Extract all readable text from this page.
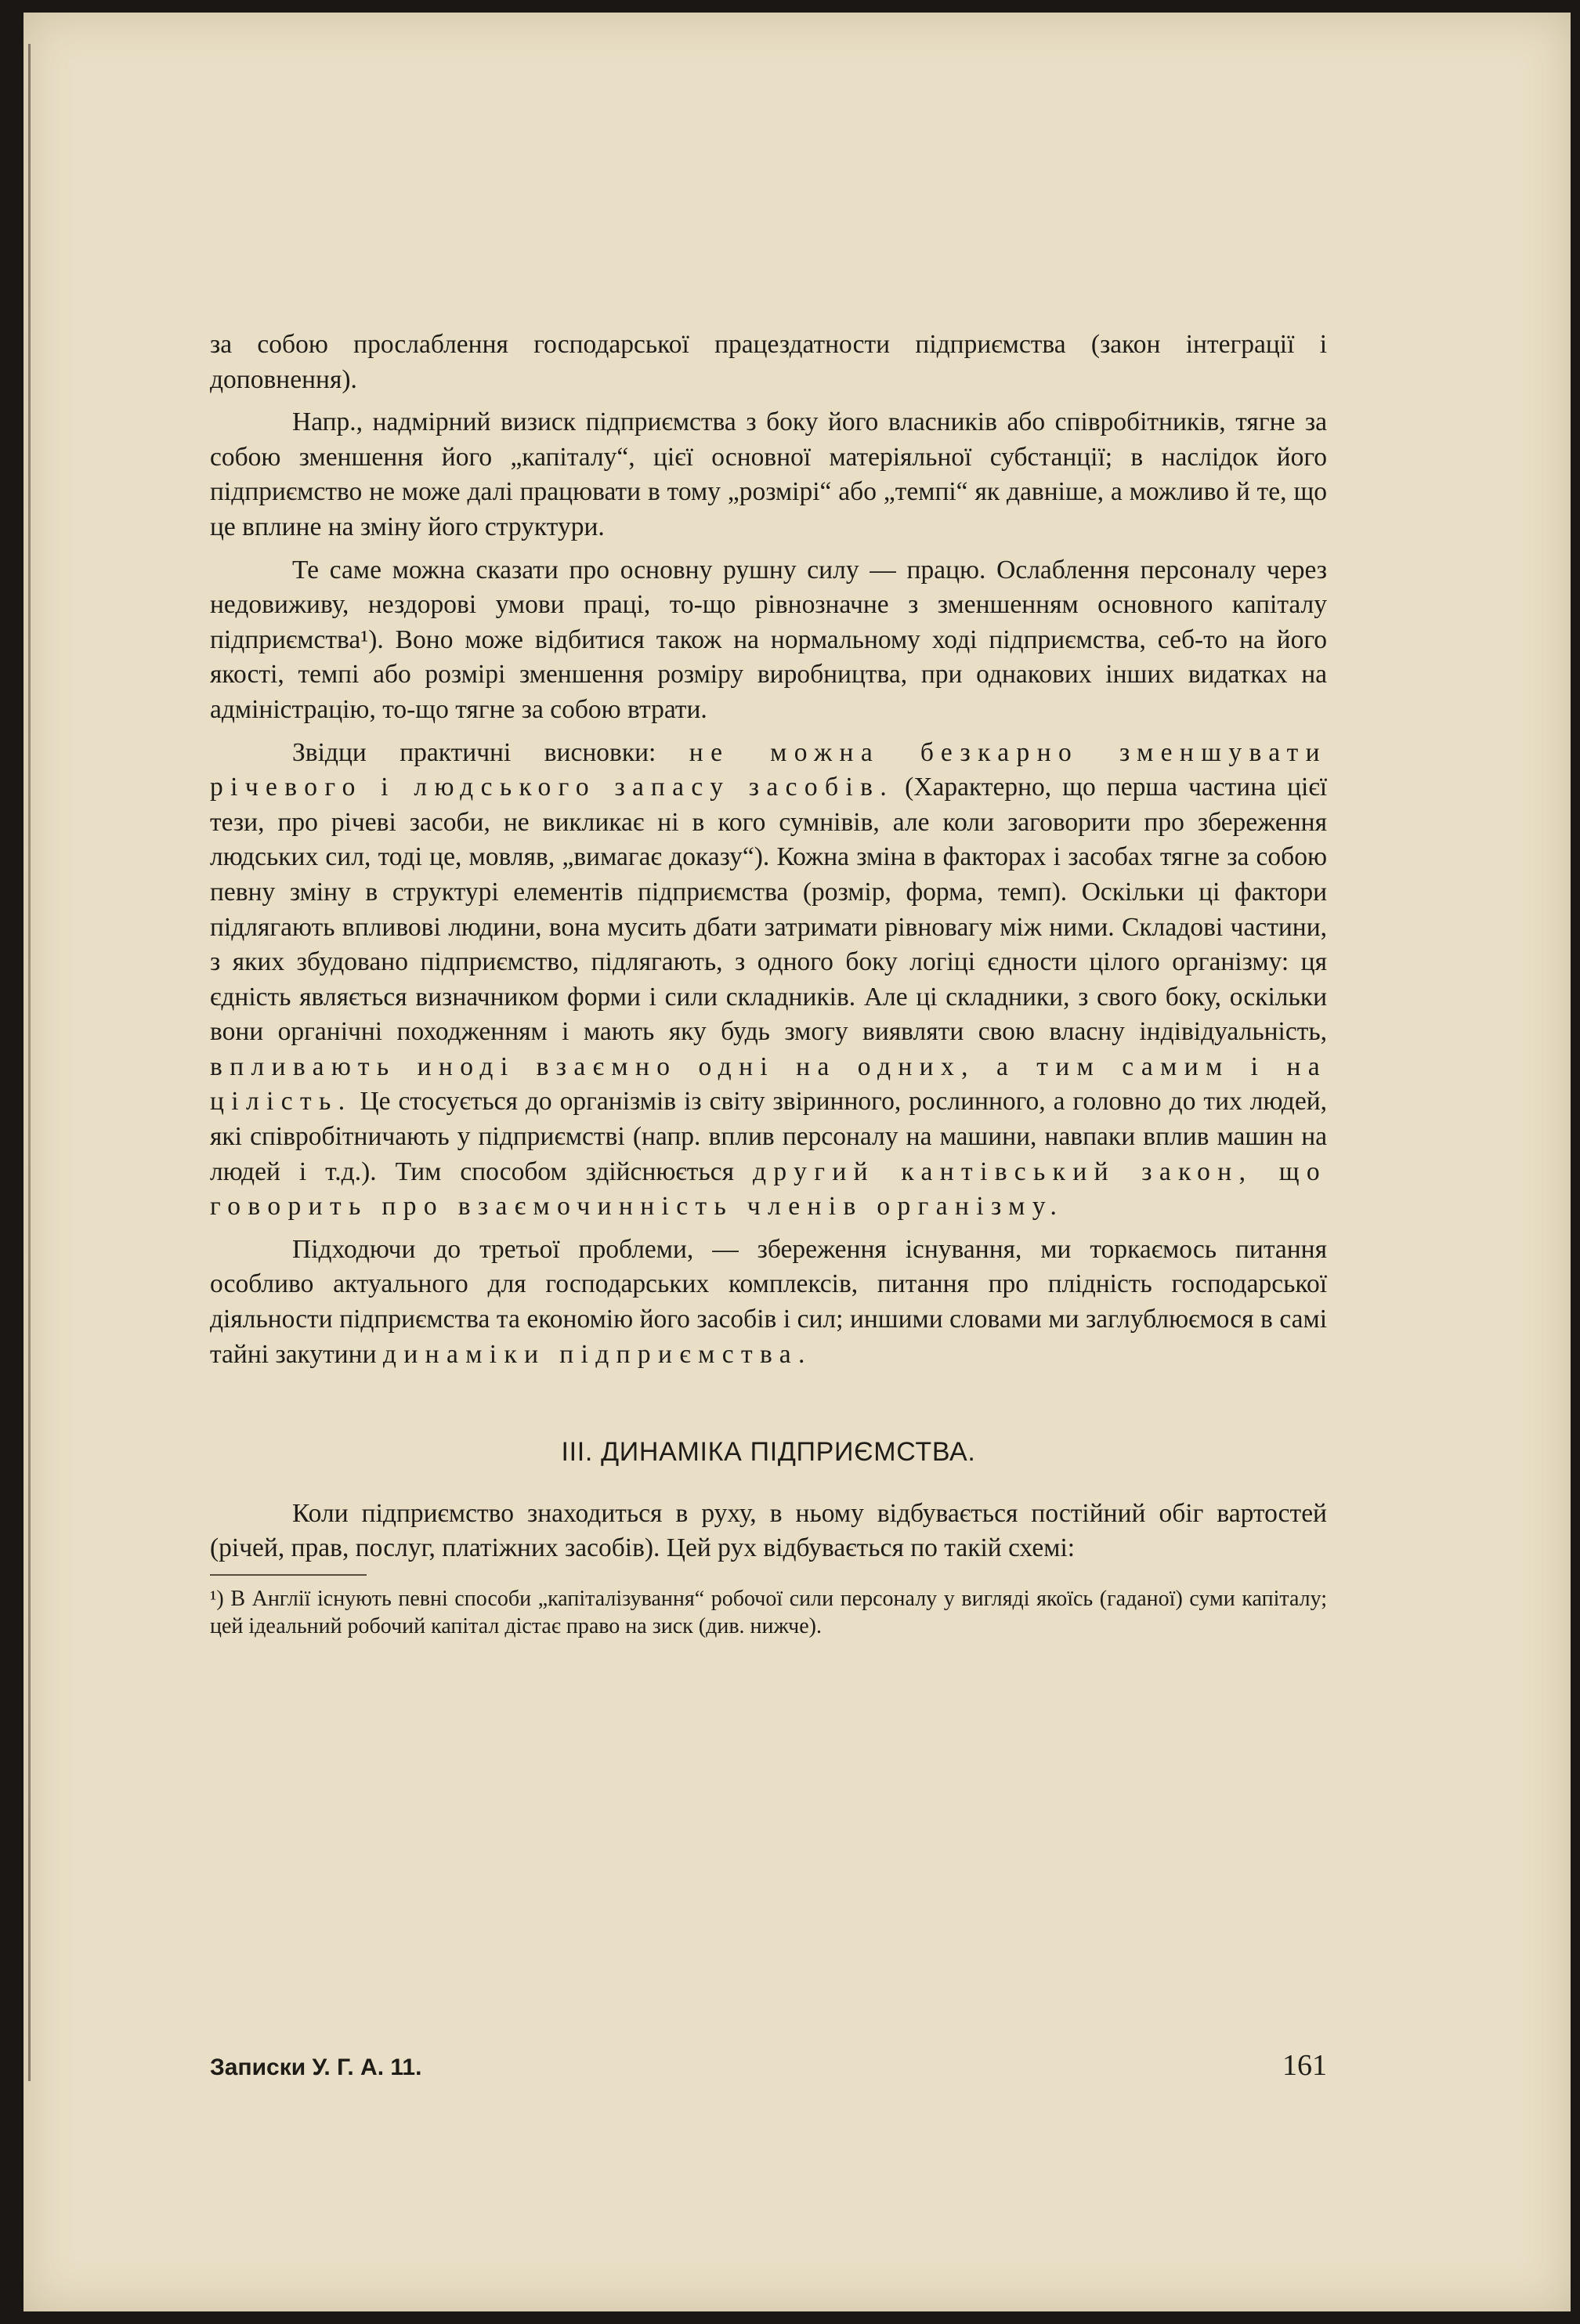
за собою прослаблення господарської працездатности підприємства (закон інтеграції і доповнення).

Напр., надмірний визиск підприємства з боку його власників або співробітників, тягне за собою зменшення його „капіталу“, цієї основної матеріяльної субстанції; в наслідок його підприємство не може далі працювати в тому „розмірі“ або „темпі“ як давніше, а можливо й те, що це вплине на зміну його структури.

Те саме можна сказати про основну рушну силу — працю. Ослаблення персоналу через недовиживу, нездорові умови праці, то-що рівнозначне з зменшенням основного капіталу підприємства¹). Воно може відбитися також на нормальному ході підприємства, себ-то на його якості, темпі або розмірі зменшення розміру виробництва, при однакових інших видатках на адміністрацію, то-що тягне за собою втрати.

Звідци практичні висновки: не можна безкарно зменшувати річевого і людського запасу засобів. (Характерно, що перша частина цієї тези, про річеві засоби, не викликає ні в кого сумнівів, але коли заговорити про збереження людських сил, тоді це, мовляв, „вимагає доказу“). Кожна зміна в факторах і засобах тягне за собою певну зміну в структурі елементів підприємства (розмір, форма, темп). Оскільки ці фактори підлягають впливові людини, вона мусить дбати затримати рівновагу між ними. Складові частини, з яких збудовано підприємство, підлягають, з одного боку логіці єдности цілого організму: ця єдність являється визначником форми і сили складників. Але ці складники, з свого боку, оскільки вони органічні походженням і мають яку будь змогу виявляти свою власну індівідуальність, впливають иноді взаємно одні на одних, а тим самим і на цілість. Це стосується до організмів із світу звіринного, рослинного, а головно до тих людей, які співробітничають у підприємстві (напр. вплив персоналу на машини, навпаки вплив машин на людей і т.д.). Тим способом здійснюється другий кантівський закон, що говорить про взаємочинність членів організму.

Підходючи до третьої проблеми, — збереження існування, ми торкаємось питання особливо актуального для господарських комплексів, питання про плідність господарської діяльности підприємства та економію його засобів і сил; иншими словами ми заглублюємося в самі тайні закутини динаміки підприємства.

III. ДИНАМІКА ПІДПРИЄМСТВА.

Коли підприємство знаходиться в руху, в ньому відбувається постійний обіг вартостей (річей, прав, послуг, платіжних засобів). Цей рух відбувається по такій схемі:

¹) В Англії існують певні способи „капіталізування“ робочої сили персоналу у вигляді якоїсь (гаданої) суми капіталу; цей ідеальний робочий капітал дістає право на зиск (див. нижче).

Записки У. Г. А. 11.	161
